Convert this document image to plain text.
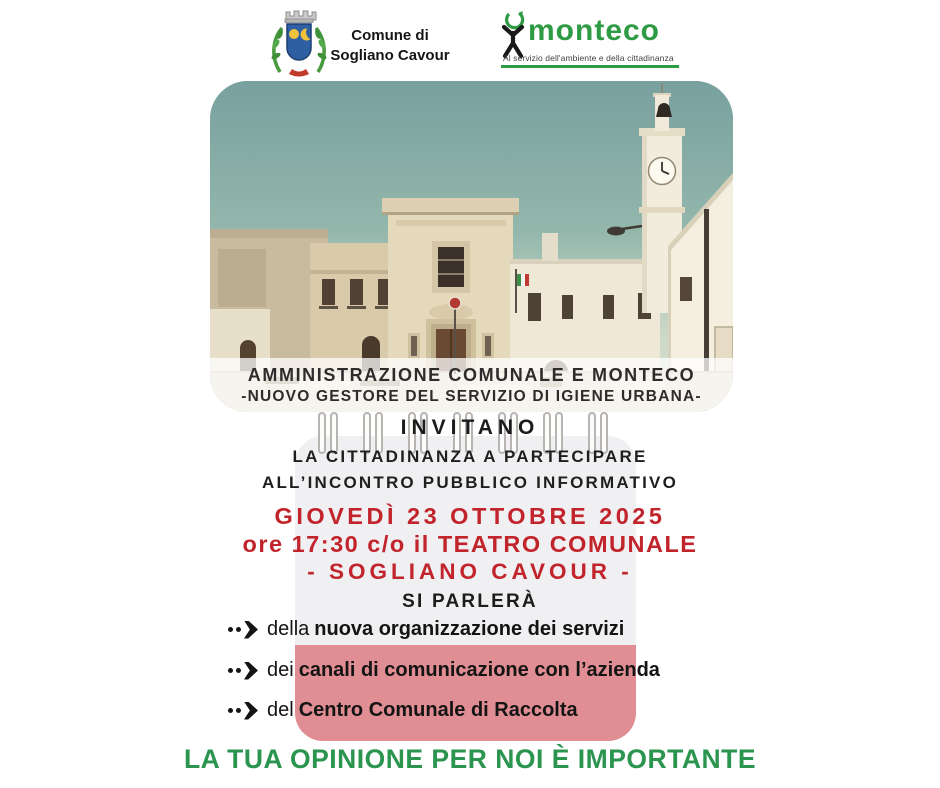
Comune di
Sogliano Cavour
monteco
Al servizio dell'ambiente e della cittadinanza
AMMINISTRAZIONE COMUNALE E MONTECO
-NUOVO GESTORE DEL SERVIZIO DI IGIENE URBANA-
INVITANO
LA CITTADINANZA A PARTECIPARE
ALL’INCONTRO PUBBLICO INFORMATIVO
GIOVEDÌ 23 OTTOBRE 2025
ore 17:30 c/o il TEATRO COMUNALE
- SOGLIANO CAVOUR -
SI PARLERÀ
della nuova organizzazione dei servizi
dei canali di comunicazione con l’azienda
del Centro Comunale di Raccolta
LA TUA OPINIONE PER NOI È IMPORTANTE
